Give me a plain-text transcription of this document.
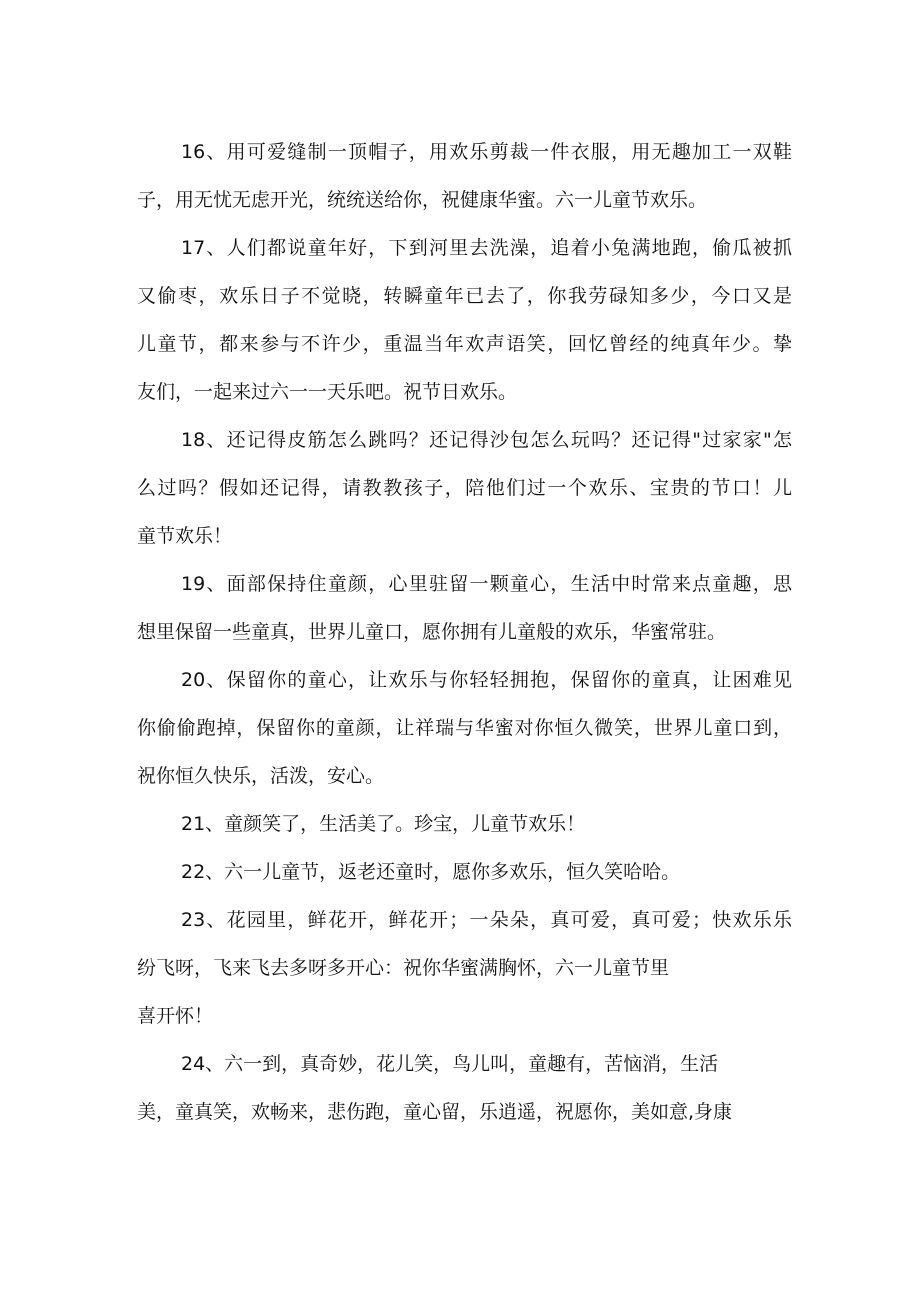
16、用可爱缝制一顶帽子，用欢乐剪裁一件衣服，用无趣加工一双鞋

子，用无忧无虑开光，统统送给你，祝健康华蜜。六一儿童节欢乐。

17、人们都说童年好，下到河里去洗澡，追着小兔满地跑，偷瓜被抓

又偷枣，欢乐日子不觉晓，转瞬童年已去了，你我劳碌知多少，今口又是

儿童节，都来参与不许少，重温当年欢声语笑，回忆曾经的纯真年少。挚

友们，一起来过六一一天乐吧。祝节日欢乐。

18、还记得皮筋怎么跳吗？还记得沙包怎么玩吗？还记得"过家家"怎

么过吗？假如还记得，请教教孩子，陪他们过一个欢乐、宝贵的节口！儿

童节欢乐！

19、面部保持住童颜，心里驻留一颗童心，生活中时常来点童趣，思

想里保留一些童真，世界儿童口，愿你拥有儿童般的欢乐，华蜜常驻。

20、保留你的童心，让欢乐与你轻轻拥抱，保留你的童真，让困难见

你偷偷跑掉，保留你的童颜，让祥瑞与华蜜对你恒久微笑，世界儿童口到，

祝你恒久快乐，活泼，安心。

21、童颜笑了，生活美了。珍宝，儿童节欢乐！

22、六一儿童节，返老还童时，愿你多欢乐，恒久笑哈哈。

23、花园里，鲜花开，鲜花开；一朵朵，真可爱，真可爱；快欢乐乐

纷飞呀，飞来飞去多呀多开心：祝你华蜜满胸怀，六一儿童节里

喜开怀！

24、六一到，真奇妙，花儿笑，鸟儿叫，童趣有，苦恼消，生活

美，童真笑，欢畅来，悲伤跑，童心留，乐逍遥，祝愿你，美如意,身康
